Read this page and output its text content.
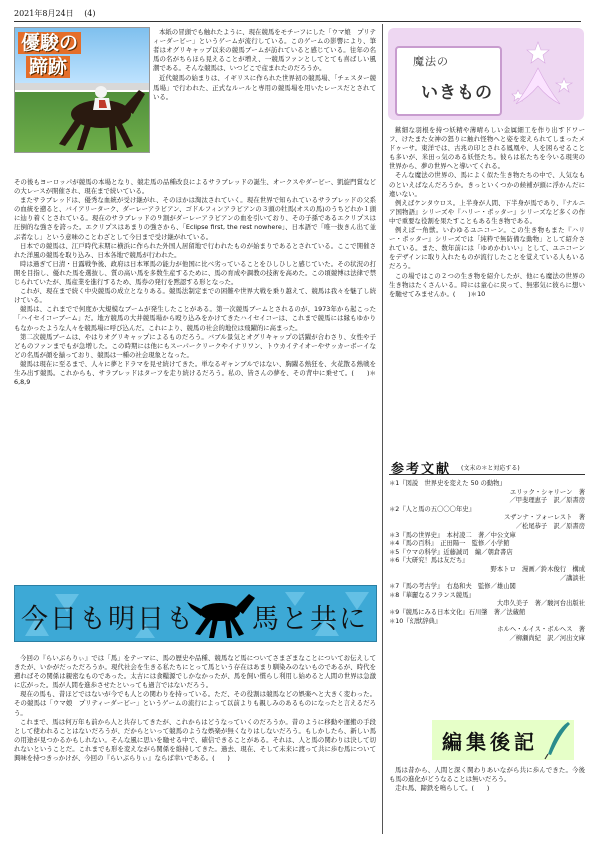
2021年8月24日 (4)
優駿の
蹄跡

本紙の冒頭でも触れたように、現在競馬をモチーフにした「ウマ娘　プリティーダービー」というゲームが流行している。このゲームの影響により、筆者はオグリキャップ以来の競馬ブームが訪れていると感じている。往年の名馬の名がちらほら見えることが増え、一競馬ファンとしてとても喜ばしい風潮である。そんな競馬は、いつどこで産まれたのだろうか。

近代競馬の始まりは、イギリスに作られた世界初の競馬場、「チェスター競馬場」で行われた、正式なルールと専用の競馬場を用いたレースだとされている。

その後もヨーロッパが競馬の本場となり、競走馬の品種改良によるサラブレッドの誕生、オークスやダービー、凱旋門賞などの大レースが開催され、現在まで続いている。

またサラブレッドは、優秀な血統が受け継がれ、そのほかは淘汰されていく。現在世界で知られているサラブレッドの父系の血統を遡ると、バイアリーターク、ダーレーアラビアン、ゴドルフィンアラビアンの３頭の牡馬(オスの馬)のうちどれか１頭に辿り着くとされている。現在のサラブレッドの９割がダーレーアラビアンの血を引いており、その子孫であるエクリプスは圧倒的な強さを誇った。エクリプスはあまりの強さから、「Eclipse first, the rest nowhere」、日本語で「唯一抜きん出て並ぶ者なし」という意味のことわざとして今日まで受け継がれている。

日本での競馬は、江戸時代末期に横浜に作られた外国人居留地で行われたものが始まりであるとされている。ここで開催された洋風の競馬を取り込み、日本各地で競馬が行われた。

時は過ぎて日清・日露戦争後、政府は日本軍馬の能力が他国に比べ劣っていることをひしひしと感じていた。その状況の打開を目指し、優れた馬を選抜し、質の高い馬を多数生産するために、馬の育成や調教の技術を高めた。この頃競博は法律で禁じられていたが、馬産業を進行するため、馬券の発行を黙認する形となった。

これが、現在まで続く中央競馬の成立となりある。競馬法制定までの困難や世界大戦を乗り越えて、競馬は我々を魅了し続けている。

競馬は、これまでで何度か大規模なブームが発生したことがある。第一次競馬ブームとされるのが、1973年から起こった「ハイセイコーブーム」だ。地方競馬の大井競馬場から殴り込みをかけてきたハイセイコーは、これまで競馬には縁もゆかりもなかったような人々を競馬場に呼び込んだ。これにより、競馬の社会的地位は飛躍的に高まった。

第二次競馬ブームは、やはりオグリキャップによるものだろう。バブル景気とオグリキャップの活躍が合わさり、女性や子どものファンまでもが急増した。この時期には他にもスーパークリークやイナリワン、トウカイテイオーやサッカーボーイなどの名馬が顔を揃っており、競馬は一種の社会現象となった。

競馬は現在に至るまで、人々に夢とドラマを見せ続けてきた。単なるギャンブルではない、胸躍る熱狂を、火花散る熱戦を生み出す競馬。これからも、サラブレッドはターフを走り続けるだろう。私の、皆さんの夢を、その背中に乗せて。(　　)＊6,8,9

今日も明日も 馬と共に

今回の『らいぶらりぃ』では「馬」をテーマに、馬の歴史や品種、競馬など馬についてさまざまなことについてお伝えしてきたが、いかがだっただろうか。現代社会を生きる私たちにとって馬という存在はあまり馴染みのないものであるが、時代を遡ればその関係は親密なものであった。太古には食糧源でしかなかったが、馬を飼い慣らし利用し始めると人間の世界は急激に広がった。馬が人間を進歩させたといっても過言ではないだろう。

現在の馬も、昔ほどではないが今でも人との関わりを持っている。ただ、その役割は競馬などの娯楽へと大きく変わった。その競馬は「ウマ娘　プリティーダービー」というゲームの流行によって以前よりも親しみのあるものになったと言えるだろう。

これまで、馬は何万年も前から人と共存してきたが、これからはどうなっていくのだろうか。昔のように移動や運搬の手段として使われることはないだろうが、だからといって競馬のような娯楽が無くなりはしないだろう。もしかしたら、新しい馬の用途が見つかるかもしれない。そんな風に思いを馳せる中で、確信できることがある。それは、人と馬の関わりは決して切れないということだ。これまでも形を変えながら関係を維持してきた。過去、現在、そして未来に渡って共に歩む馬について興味を持つきっかけが、今回の『らいぶらりぃ』ならば幸いである。(　　)

魔法の
いきもの

鏃細な羽根を持つ妖精や薄晴らしい金属細工を作り出すドワーフ、けたまた女神の怒りに触れ怪物へと姿を変えられてしまったメドゥーサ。東洋では、古兆の印とされる鳳凰や、人を困らせることも多いが、米田っ気のある妖怪たち。彼らは私たちを今いる現実の世界から、夢の世界へと導いてくれる。

そんな魔法の世界の、馬によく似た生き物たちの中で、人気なものといえばなんだろうか。きっといくつかの候補が頭に浮かんだに違いない。

例えばケンタウロス。上半身が人間、下半身が馬であり、『ナルニア国物語』シリーズや『ハリー・ポッター』シリーズなど多くの作中で重要な役割を果たすこともある生き物である。

例えば一角獣。いわゆるユニコーン。この生き物もまた『ハリー・ポッター』シリーズでは「純粋で無防備な動物」として紹介されている。また、数年前には「ゆめかわいい」として、ユニコーンをデザインに取り入れたものが流行したことを覚えている人もいるだろう。

この場ではこの２つの生き物を紹介したが、他にも魔法の世界の生き物はたくさんいる。時には童心に戻って、無邪気に彼らに想いを馳せてみませんか。(　　)＊10

参考文献 (文末の＊と対応する)
＊1『図説　世界史を変えた 50 の動物』
エリック・シャリーン　著
／甲斐理恵子　訳／原書房
＊2『人と馬の五〇〇〇年史』
スザンナ・フォーレスト　著
／松尾恭子　訳／原書房
＊3『馬の世界史』　本村凌二　著／中公文庫
＊4『馬の百科』　正田陽一　監修／小学館
＊5『ウマの科学』近藤誠司　編／朝倉書店
＊6『大研究！馬は友だち』
野本トロ　漫画／鈴木俊行　構成
／講談社
＊7『馬の考古学』　右島和夫　監修／雄山閣
＊8『華麗なるフランス競馬』
大串久美子　著／駿河台出版社
＊9『競馬にみる日本文化』石川肇　著／法蔵館
＊10『幻獣辞典』
ホルヘ・ルイス・ボルヘス　著
／柳瀬尚紀　訳／河出文庫
編集後記

馬は昔から、人間と深く関わりあいながら共に歩んできた。今後も馬の進化がどうなることは無いだろう。

走れ馬、蹄鉄を鳴らして。(　　)
